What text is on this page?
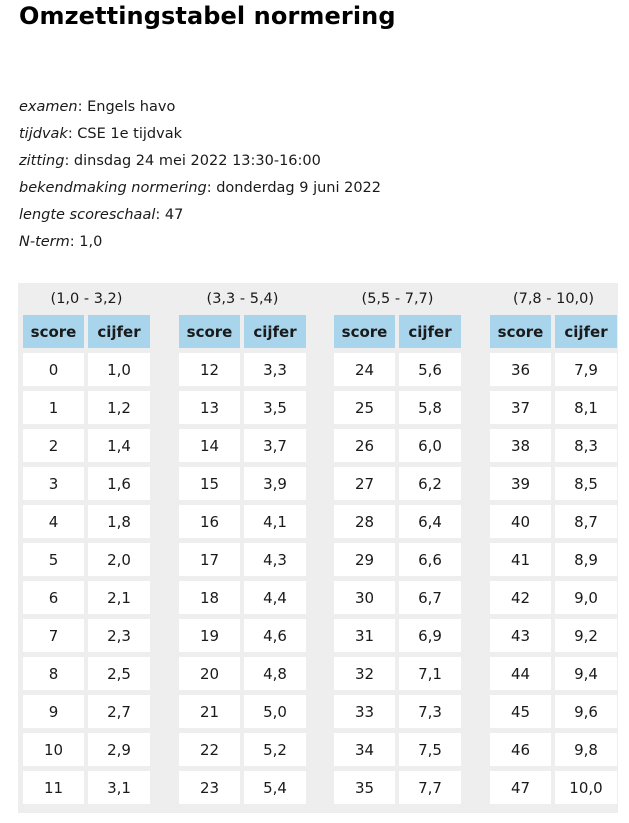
Omzettingstabel normering
examen: Engels havo
tijdvak: CSE 1e tijdvak
zitting: dinsdag 24 mei 2022 13:30-16:00
bekendmaking normering: donderdag 9 juni 2022
lengte scoreschaal: 47
N-term: 1,0
(1,0 - 3,2)
score	cijfer
0	1,0
1	1,2
2	1,4
3	1,6
4	1,8
5	2,0
6	2,1
7	2,3
8	2,5
9	2,7
10	2,9
11	3,1
(3,3 - 5,4)
score	cijfer
12	3,3
13	3,5
14	3,7
15	3,9
16	4,1
17	4,3
18	4,4
19	4,6
20	4,8
21	5,0
22	5,2
23	5,4
(5,5 - 7,7)
score	cijfer
24	5,6
25	5,8
26	6,0
27	6,2
28	6,4
29	6,6
30	6,7
31	6,9
32	7,1
33	7,3
34	7,5
35	7,7
(7,8 - 10,0)
score	cijfer
36	7,9
37	8,1
38	8,3
39	8,5
40	8,7
41	8,9
42	9,0
43	9,2
44	9,4
45	9,6
46	9,8
47	10,0
